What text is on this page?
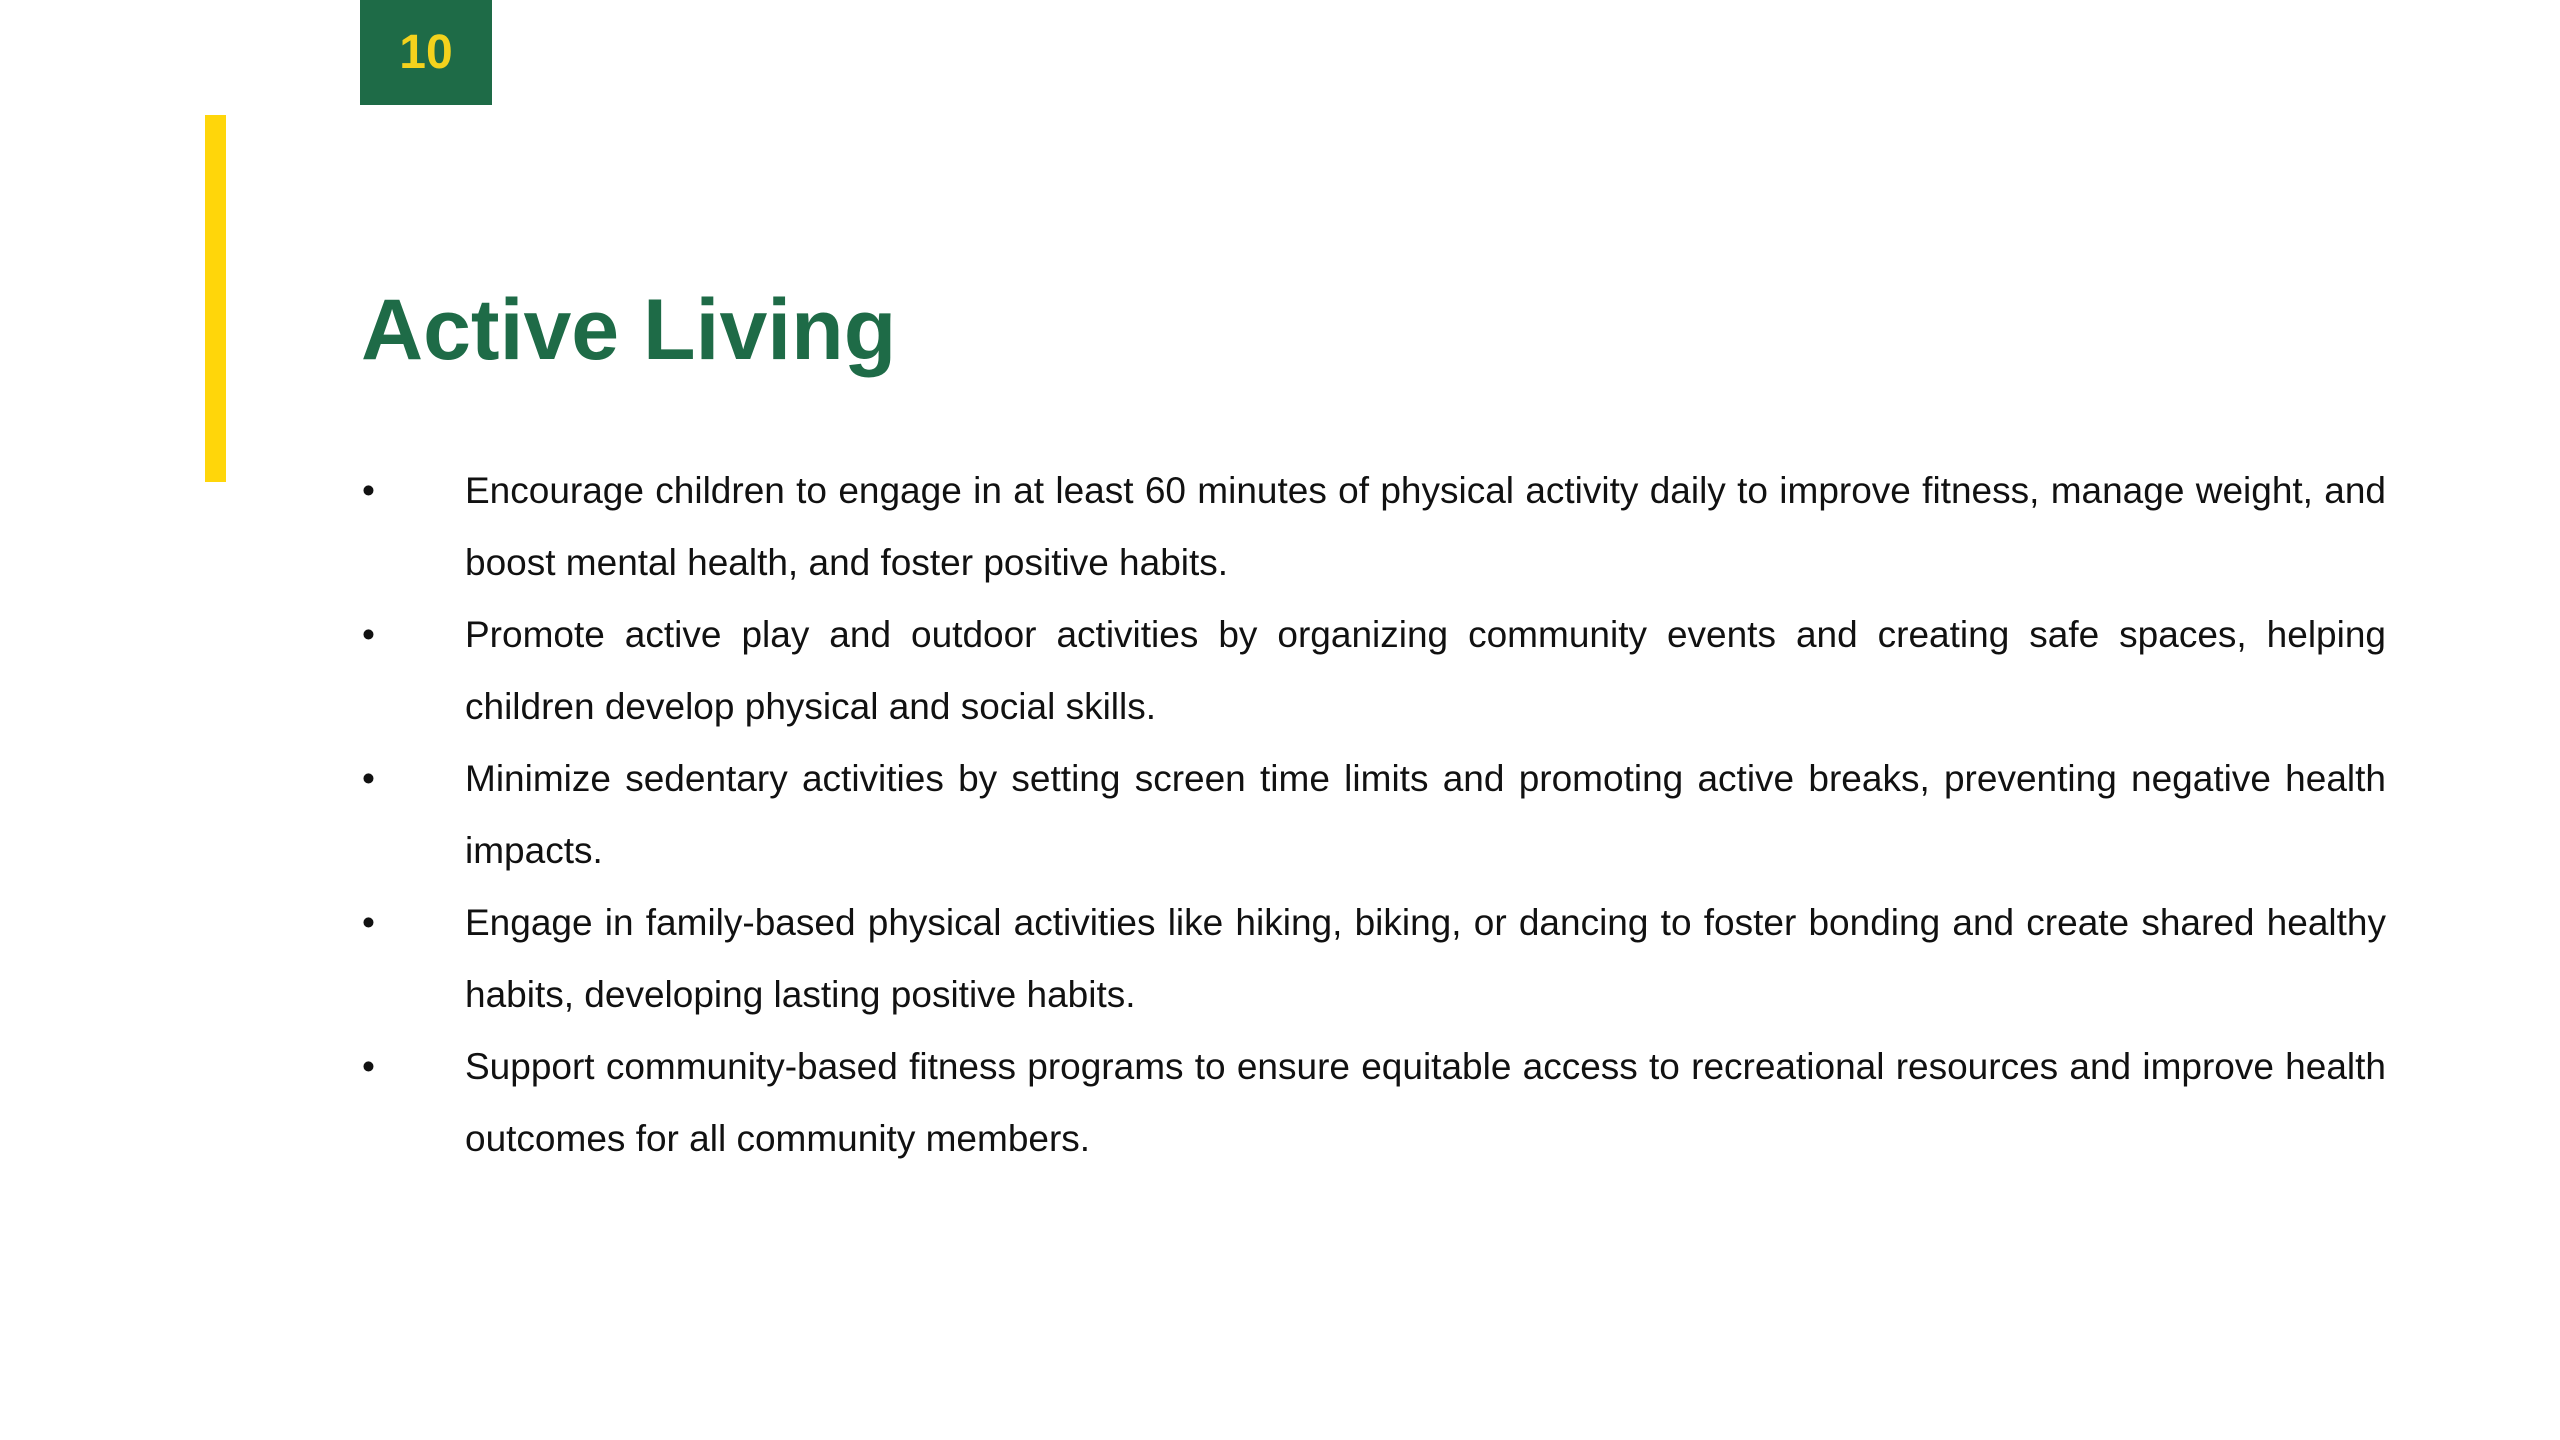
10
Active Living
•	Encourage children to engage in at least 60 minutes of physical activity daily to improve fitness, manage weight, and boost mental health, and foster positive habits.
•	Promote active play and outdoor activities by organizing community events and creating safe spaces, helping children develop physical and social skills.
•	Minimize sedentary activities by setting screen time limits and promoting active breaks, preventing negative health impacts.
•	Engage in family-based physical activities like hiking, biking, or dancing to foster bonding and create shared healthy habits, developing lasting positive habits.
•	Support community-based fitness programs to ensure equitable access to recreational resources and improve health outcomes for all community members.
